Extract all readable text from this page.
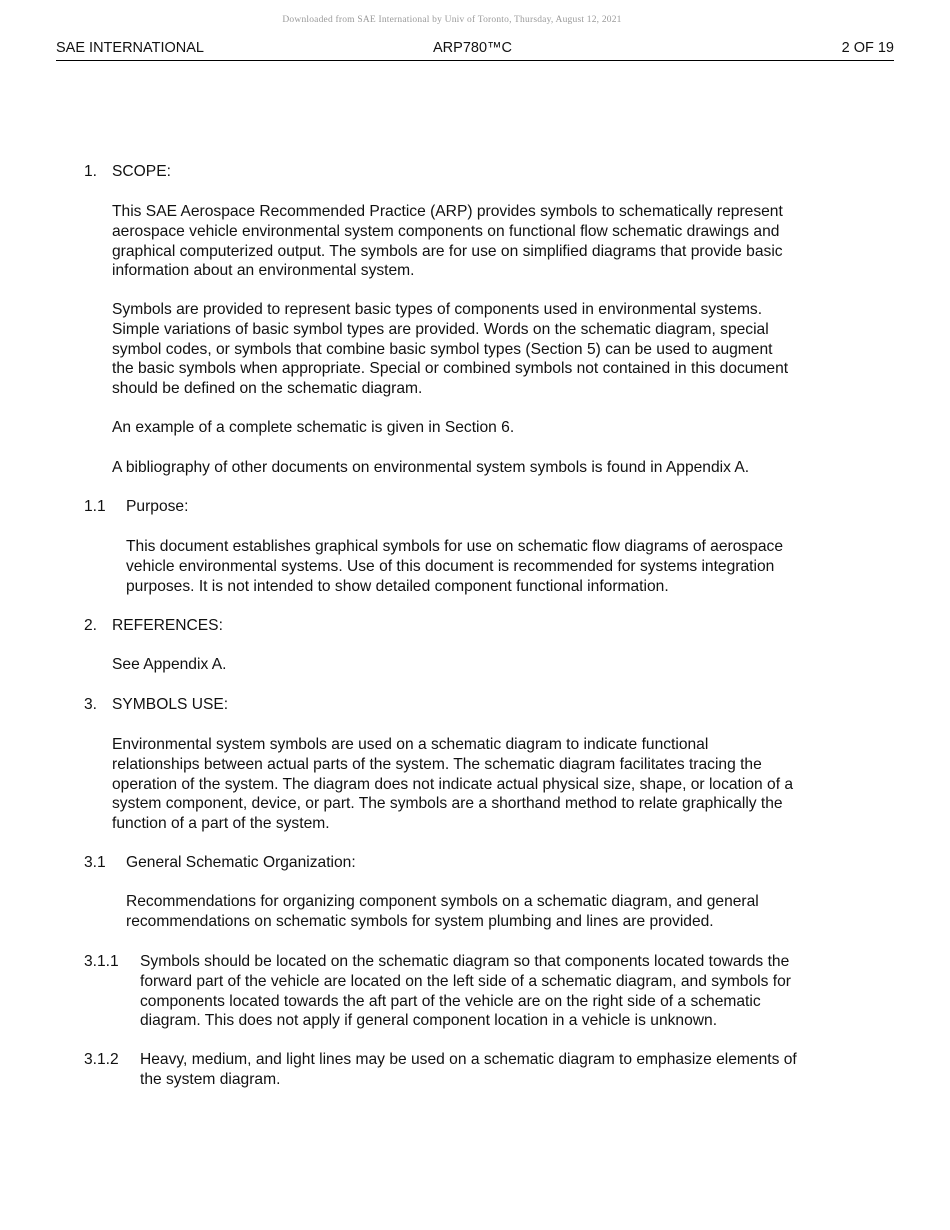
Downloaded from SAE International by Univ of Toronto, Thursday, August 12, 2021
SAE INTERNATIONAL	ARP780™C	2 OF 19
1. SCOPE:
This SAE Aerospace Recommended Practice (ARP) provides symbols to schematically represent
aerospace vehicle environmental system components on functional flow schematic drawings and
graphical computerized output. The symbols are for use on simplified diagrams that provide basic
information about an environmental system.
Symbols are provided to represent basic types of components used in environmental systems.
Simple variations of basic symbol types are provided. Words on the schematic diagram, special
symbol codes, or symbols that combine basic symbol types (Section 5) can be used to augment
the basic symbols when appropriate. Special or combined symbols not contained in this document
should be defined on the schematic diagram.
An example of a complete schematic is given in Section 6.
A bibliography of other documents on environmental system symbols is found in Appendix A.
1.1 Purpose:
This document establishes graphical symbols for use on schematic flow diagrams of aerospace
vehicle environmental systems. Use of this document is recommended for systems integration
purposes. It is not intended to show detailed component functional information.
2. REFERENCES:
See Appendix A.
3. SYMBOLS USE:
Environmental system symbols are used on a schematic diagram to indicate functional
relationships between actual parts of the system. The schematic diagram facilitates tracing the
operation of the system. The diagram does not indicate actual physical size, shape, or location of a
system component, device, or part. The symbols are a shorthand method to relate graphically the
function of a part of the system.
3.1 General Schematic Organization:
Recommendations for organizing component symbols on a schematic diagram, and general
recommendations on schematic symbols for system plumbing and lines are provided.
3.1.1 Symbols should be located on the schematic diagram so that components located towards the
forward part of the vehicle are located on the left side of a schematic diagram, and symbols for
components located towards the aft part of the vehicle are on the right side of a schematic
diagram. This does not apply if general component location in a vehicle is unknown.
3.1.2 Heavy, medium, and light lines may be used on a schematic diagram to emphasize elements of
the system diagram.
